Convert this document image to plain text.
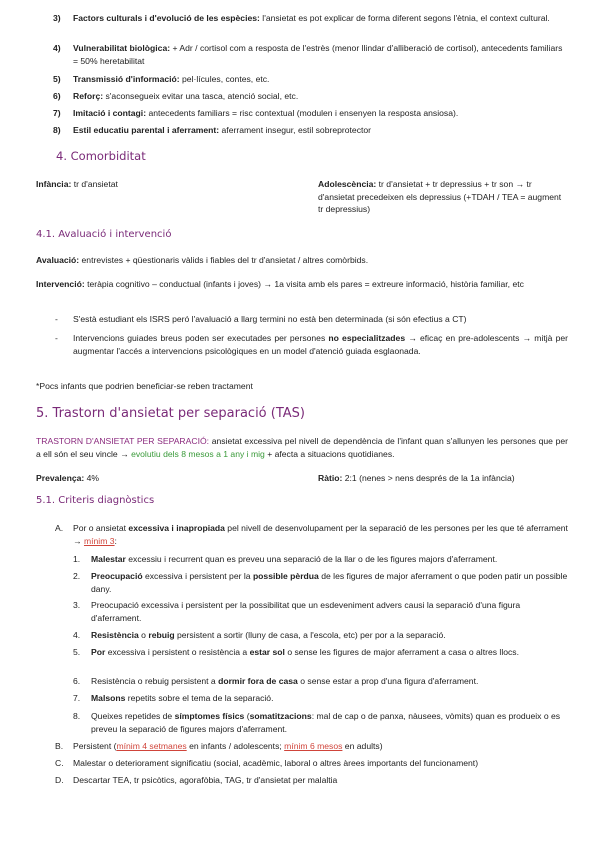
3) Factors culturals i d'evolució de les espècies: l'ansietat es pot explicar de forma diferent segons l'ètnia, el context cultural.
4) Vulnerabilitat biològica: + Adr / cortisol com a resposta de l'estrès (menor llindar d'alliberació de cortisol), antecedents familiars = 50% heretabilitat
5) Transmissió d'informació: pel·lícules, contes, etc.
6) Reforç: s'aconsegueix evitar una tasca, atenció social, etc.
7) Imitació i contagi: antecedents familiars = risc contextual (modulen i ensenyen la resposta ansiosa).
8) Estil educatiu parental i aferrament: aferrament insegur, estil sobreprotector
4. Comorbiditat
Infància: tr d'ansietat	Adolescència: tr d'ansietat + tr depressius + tr son → tr d'ansietat precedeixen els depressius (+TDAH / TEA = augment tr depressius)
4.1. Avaluació i intervenció
Avaluació: entrevistes + qüestionaris vàlids i fiables del tr d'ansietat / altres comòrbids.
Intervenció: teràpia cognitivo – conductual (infants i joves) → 1a visita amb els pares = extreure informació, història familiar, etc
- S'està estudiant els ISRS peró l'avaluació a llarg termini no està ben determinada (si són efectius a CT)
- Intervencions guiades breus poden ser executades per persones no especialitzades → eficaç en pre-adolescents → mitjà per augmentar l'accés a intervencions psicològiques en un model d'atenció guiada esglaonada.
*Pocs infants que podrien beneficiar-se reben tractament
5. Trastorn d'ansietat per separació (TAS)
TRASTORN D'ANSIETAT PER SEPARACIÓ: ansietat excessiva pel nivell de dependència de l'infant quan s'allunyen les persones que per a ell són el seu vincle → evolutiu dels 8 mesos a 1 any i mig + afecta a situacions quotidianes.
Prevalença: 4%	Ràtio: 2:1 (nenes > nens després de la 1a infància)
5.1. Criteris diagnòstics
A. Por o ansietat excessiva i inapropiada pel nivell de desenvolupament per la separació de les persones per les que té aferrament → mínim 3:
1. Malestar excessiu i recurrent quan es preveu una separació de la llar o de les figures majors d'aferrament.
2. Preocupació excessiva i persistent per la possible pèrdua de les figures de major aferrament o que poden patir un possible dany.
3. Preocupació excessiva i persistent per la possibilitat que un esdeveniment advers causi la separació d'una figura d'aferrament.
4. Resistència o rebuig persistent a sortir (lluny de casa, a l'escola, etc) per por a la separació.
5. Por excessiva i persistent o resistència a estar sol o sense les figures de major aferrament a casa o altres llocs.
6. Resistència o rebuig persistent a dormir fora de casa o sense estar a prop d'una figura d'aferrament.
7. Malsons repetits sobre el tema de la separació.
8. Queixes repetides de símptomes físics (somatitzacions: mal de cap o de panxa, nàusees, vòmits) quan es produeix o es preveu la separació de figures majors d'aferrament.
B. Persistent (mínim 4 setmanes en infants / adolescents; mínim 6 mesos en adults)
C. Malestar o deteriorament significatiu (social, acadèmic, laboral o altres àrees importants del funcionament)
D. Descartar TEA, tr psicòtics, agorafòbia, TAG, tr d'ansietat per malaltia
